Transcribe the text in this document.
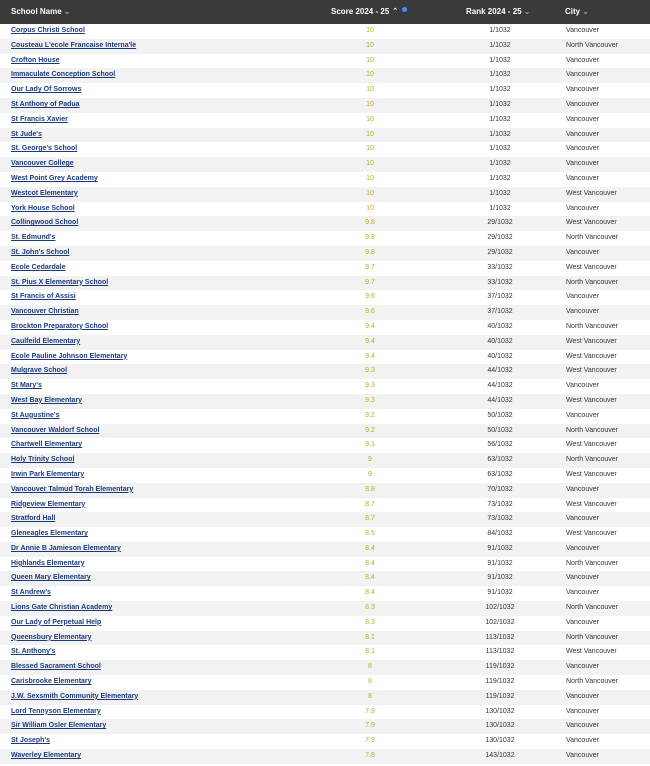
School Name ⌄	Score 2024 - 25 ⌃	Rank 2024 - 25 ⌄	City ⌄
Corpus Christi School	10	1/1032	Vancouver
Cousteau L'ecole Francaise Interna'le	10	1/1032	North Vancouver
Crofton House	10	1/1032	Vancouver
Immaculate Conception School	10	1/1032	Vancouver
Our Lady Of Sorrows	10	1/1032	Vancouver
St Anthony of Padua	10	1/1032	Vancouver
St Francis Xavier	10	1/1032	Vancouver
St Jude's	10	1/1032	Vancouver
St. George's School	10	1/1032	Vancouver
Vancouver College	10	1/1032	Vancouver
West Point Grey Academy	10	1/1032	Vancouver
Westcot Elementary	10	1/1032	West Vancouver
York House School	10	1/1032	Vancouver
Collingwood School	9.8	29/1032	West Vancouver
St. Edmund's	9.8	29/1032	North Vancouver
St. John's School	9.8	29/1032	Vancouver
Ecole Cedardale	9.7	33/1032	West Vancouver
St. Pius X Elementary School	9.7	33/1032	North Vancouver
St Francis of Assisi	9.6	37/1032	Vancouver
Vancouver Christian	9.6	37/1032	Vancouver
Brockton Preparatory School	9.4	40/1032	North Vancouver
Caulfeild Elementary	9.4	40/1032	West Vancouver
Ecole Pauline Johnson Elementary	9.4	40/1032	West Vancouver
Mulgrave School	9.3	44/1032	West Vancouver
St Mary's	9.3	44/1032	Vancouver
West Bay Elementary	9.3	44/1032	West Vancouver
St Augustine's	9.2	50/1032	Vancouver
Vancouver Waldorf School	9.2	50/1032	North Vancouver
Chartwell Elementary	9.1	56/1032	West Vancouver
Holy Trinity School	9	63/1032	North Vancouver
Irwin Park Elementary	9	63/1032	West Vancouver
Vancouver Talmud Torah Elementary	8.8	70/1032	Vancouver
Ridgeview Elementary	8.7	73/1032	West Vancouver
Stratford Hall	8.7	73/1032	Vancouver
Gleneagles Elementary	8.5	84/1032	West Vancouver
Dr Annie B Jamieson Elementary	8.4	91/1032	Vancouver
Highlands Elementary	8.4	91/1032	North Vancouver
Queen Mary Elementary	8.4	91/1032	Vancouver
St Andrew's	8.4	91/1032	Vancouver
Lions Gate Christian Academy	8.3	102/1032	North Vancouver
Our Lady of Perpetual Help	8.3	102/1032	Vancouver
Queensbury Elementary	8.1	113/1032	North Vancouver
St. Anthony's	8.1	113/1032	West Vancouver
Blessed Sacrament School	8	119/1032	Vancouver
Carisbrooke Elementary	8	119/1032	North Vancouver
J.W. Sexsmith Community Elementary	8	119/1032	Vancouver
Lord Tennyson Elementary	7.9	130/1032	Vancouver
Sir William Osler Elementary	7.9	130/1032	Vancouver
St Joseph's	7.9	130/1032	Vancouver
Waverley Elementary	7.8	143/1032	Vancouver
